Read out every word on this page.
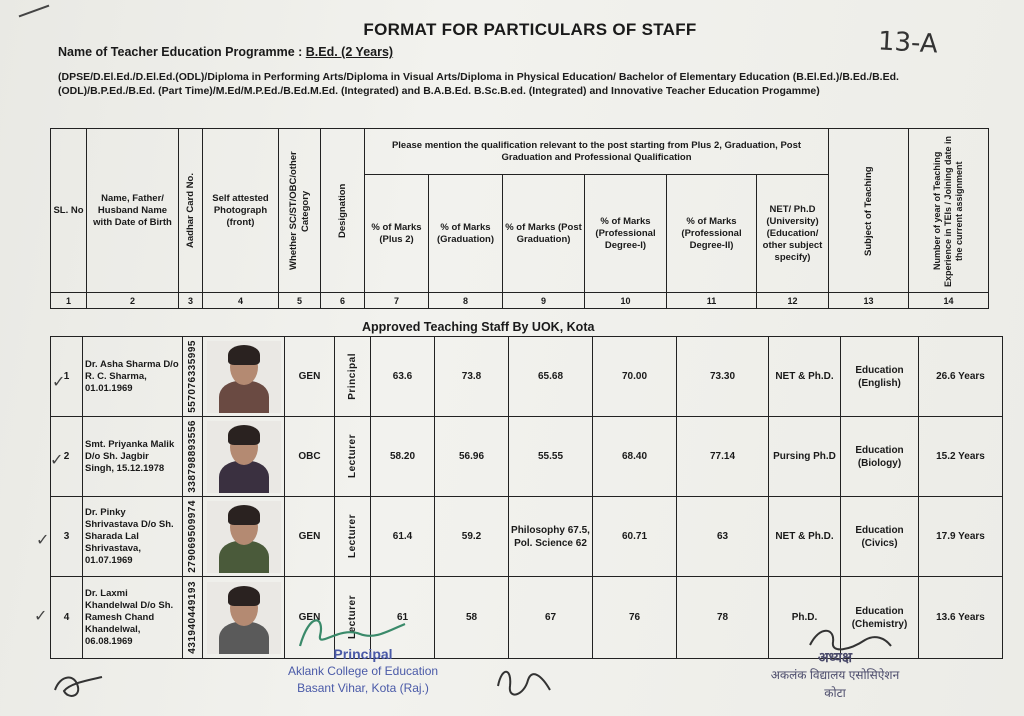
FORMAT FOR PARTICULARS OF STAFF	13-A
Name of Teacher Education Programme : B.Ed. (2 Years)
(DPSE/D.El.Ed./D.El.Ed.(ODL)/Diploma in Performing Arts/Diploma in Visual Arts/Diploma in Physical Education/ Bachelor of Elementary Education (B.El.Ed.)/B.Ed./B.Ed.(ODL)/B.P.Ed./B.Ed. (Part Time)/M.Ed/M.P.Ed./B.Ed.M.Ed. (Integrated) and B.A.B.Ed. B.Sc.B.ed. (Integrated) and Innovative Teacher Education Progamme)
SL. No	Name, Father/ Husband Name with Date of Birth	Aadhar Card No.	Self attested Photograph (front)	Whether SC/ST/OBC/other Category	Designation	Please mention the qualification relevant to the post starting from Plus 2, Graduation, Post Graduation and Professional Qualification						Subject of Teaching	Number of year of Teaching Experience in TEIs / Joining date in the current assignment

						% of Marks (Plus 2)	% of Marks (Graduation)	% of Marks (Post Graduation)	% of Marks (Professional Degree-I)	% of Marks (Professional Degree-II)	NET/ Ph.D (University) (Education/ other subject specify)		
1	2	3	4	5	6	7	8	9	10	11	12	13	14
Approved Teaching Staff By UOK, Kota
1	Dr. Asha Sharma D/o R. C. Sharma, 01.01.1969	557076335995		GEN	Principal	63.6	73.8	65.68	70.00	73.30	NET & Ph.D.	Education (English)	26.6 Years
2	Smt. Priyanka Malik D/o Sh. Jagbir Singh, 15.12.1978	338798893556		OBC	Lecturer	58.20	56.96	55.55	68.40	77.14	Pursing Ph.D	Education (Biology)	15.2 Years
3	Dr. Pinky Shrivastava D/o Sh. Sharada Lal Shrivastava, 01.07.1969	279069509974		GEN	Lecturer	61.4	59.2	Philosophy 67.5, Pol. Science 62	60.71	63	NET & Ph.D.	Education (Civics)	17.9 Years
4	Dr. Laxmi Khandelwal D/o Sh. Ramesh Chand Khandelwal, 06.08.1969	431940449193		GEN	Lecturer	61	58	67	76	78	Ph.D.	Education (Chemistry)	13.6 Years
✓
✓
✓
✓
Principal
Aklank College of Education
Basant Vihar, Kota (Raj.)
अध्यक्ष
अकलंक विद्यालय एसोसिऐशन
कोटा
